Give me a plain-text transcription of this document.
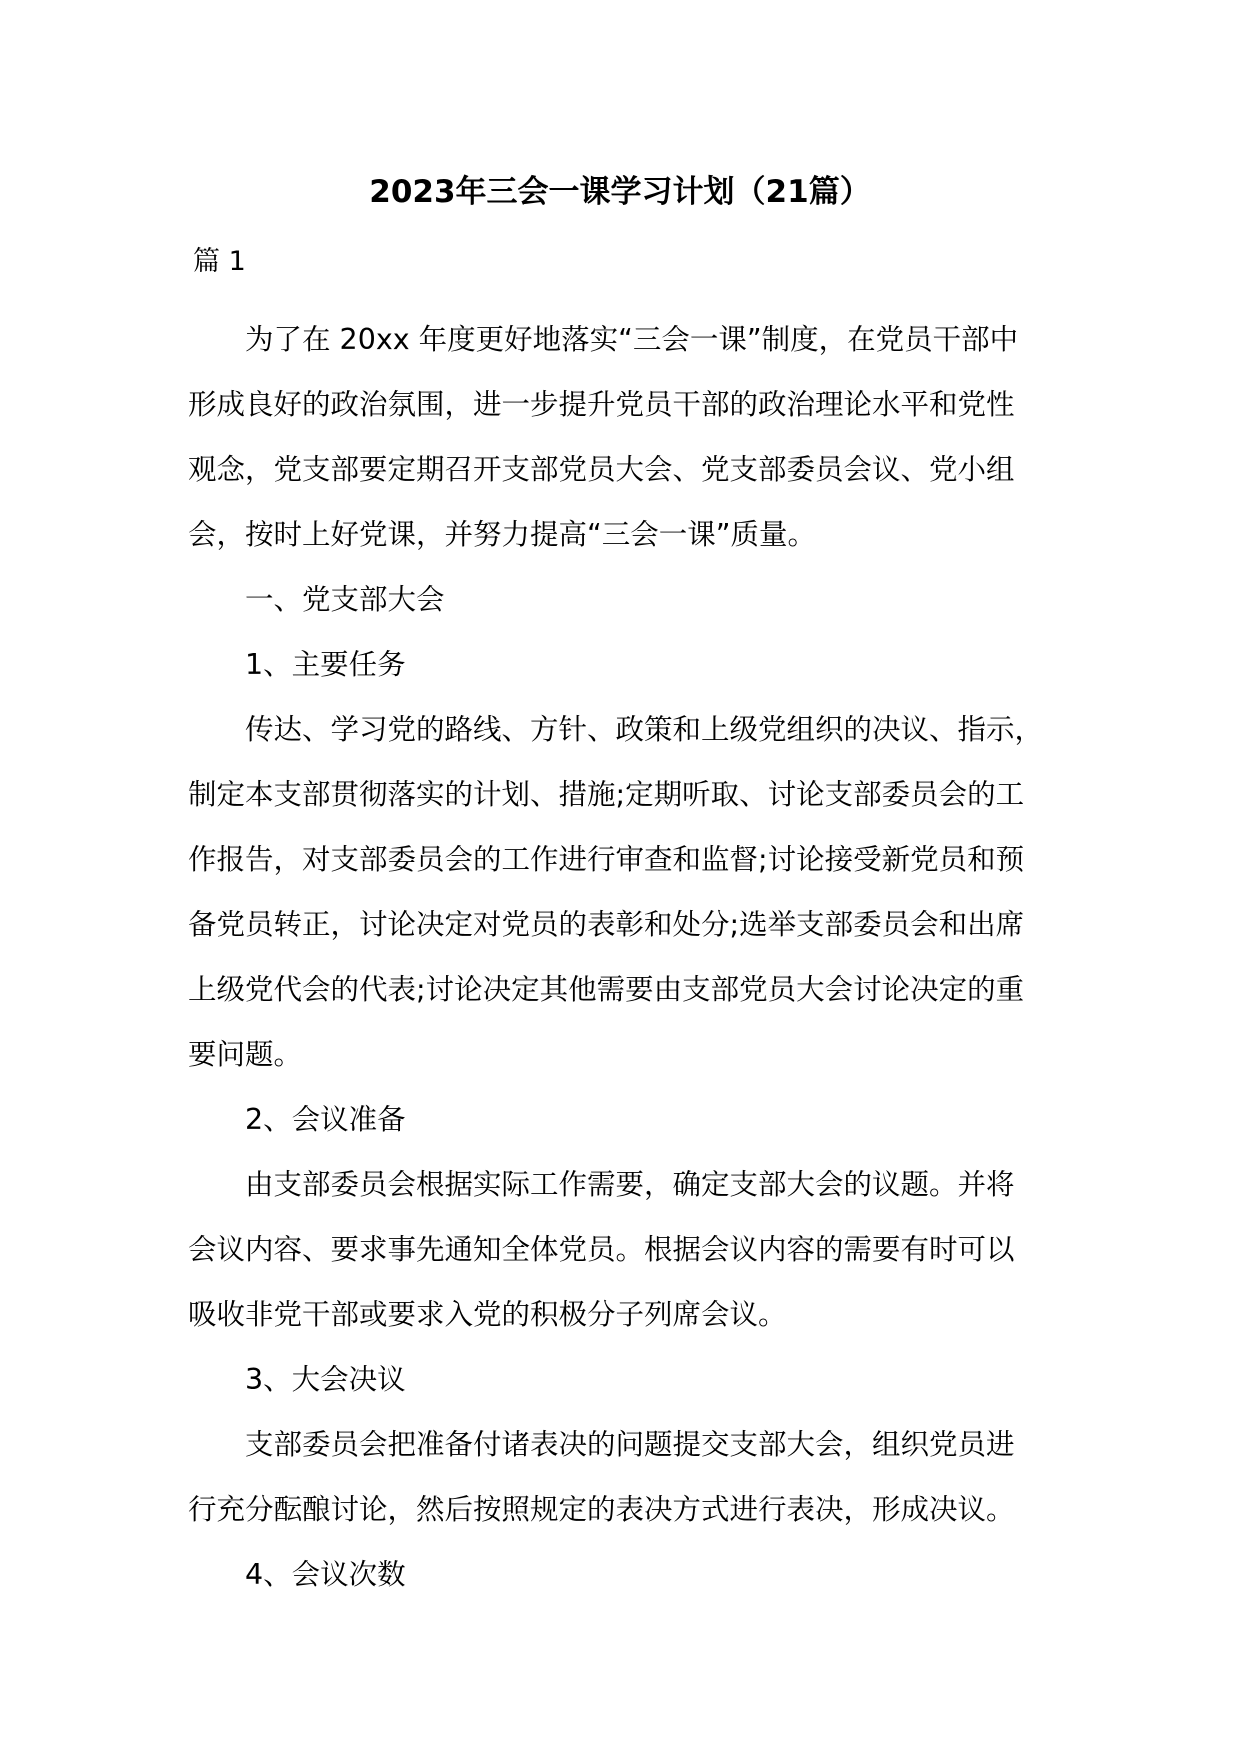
2023年三会一课学习计划（21篇）

篇 1

为了在 20xx 年度更好地落实“三会一课”制度，在党员干部中
形成良好的政治氛围，进一步提升党员干部的政治理论水平和党性
观念，党支部要定期召开支部党员大会、党支部委员会议、党小组
会，按时上好党课，并努力提高“三会一课”质量。

一、党支部大会

1、主要任务

传达、学习党的路线、方针、政策和上级党组织的决议、指示，
制定本支部贯彻落实的计划、措施;定期听取、讨论支部委员会的工
作报告，对支部委员会的工作进行审查和监督;讨论接受新党员和预
备党员转正，讨论决定对党员的表彰和处分;选举支部委员会和出席
上级党代会的代表;讨论决定其他需要由支部党员大会讨论决定的重
要问题。

2、会议准备

由支部委员会根据实际工作需要，确定支部大会的议题。并将
会议内容、要求事先通知全体党员。根据会议内容的需要有时可以
吸收非党干部或要求入党的积极分子列席会议。

3、大会决议

支部委员会把准备付诸表决的问题提交支部大会，组织党员进
行充分酝酿讨论，然后按照规定的表决方式进行表决，形成决议。

4、会议次数
